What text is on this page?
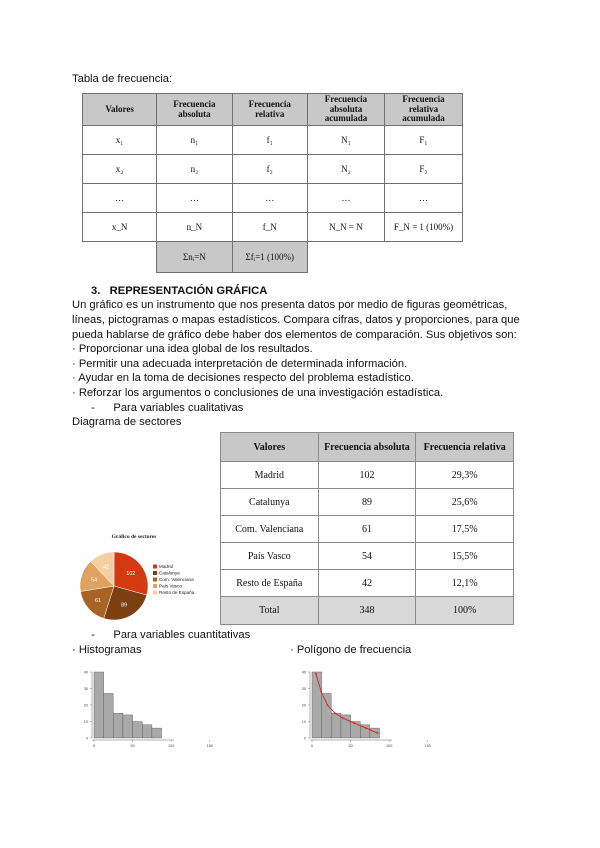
Tabla de frecuencia:
Valores	Frecuencia absoluta	Frecuencia relativa	Frecuencia absoluta acumulada	Frecuencia relativa acumulada
x₁	n₁	f₁	N₁	F₁
x₂	n₂	f₂	N₂	F₂
…	…	…	…	…
x_N	n_N	f_N	N_N = N	F_N = 1 (100%)
	Σnᵢ=N	Σfᵢ=1 (100%)		
3.   REPRESENTACIÓN GRÁFICA
Un gráfico es un instrumento que nos presenta datos por medio de figuras geométricas,
líneas, pictogramas o mapas estadísticos. Compara cifras, datos y proporciones, para que
pueda hablarse de gráfico debe haber dos elementos de comparación. Sus objetivos son:
· Proporcionar una idea global de los resultados.
· Permitir una adecuada interpretación de determinada información.
· Ayudar en la toma de decisiones respecto del problema estadístico.
· Reforzar los argumentos o conclusiones de una investigación estadística.
-      Para variables cualitativas
Diagrama de sectores
Valores	Frecuencia absoluta	Frecuencia relativa
Madrid	102	29,3%
Catalunya	89	25,6%
Com. Valenciana	61	17,5%
País Vasco	54	15,5%
Resto de España	42	12,1%
Total	348	100%
Gráfico de sectores
102
89
61
54
42	Madrid
Catalunya
Com. Valenciana
País Vasco
Resto de España
-      Para variables cuantitativas
· Histogramas	· Polígono de frecuencia
0
10
20
30
40
0	50	100	150
0
10
20
30
40
0	50	100	150
